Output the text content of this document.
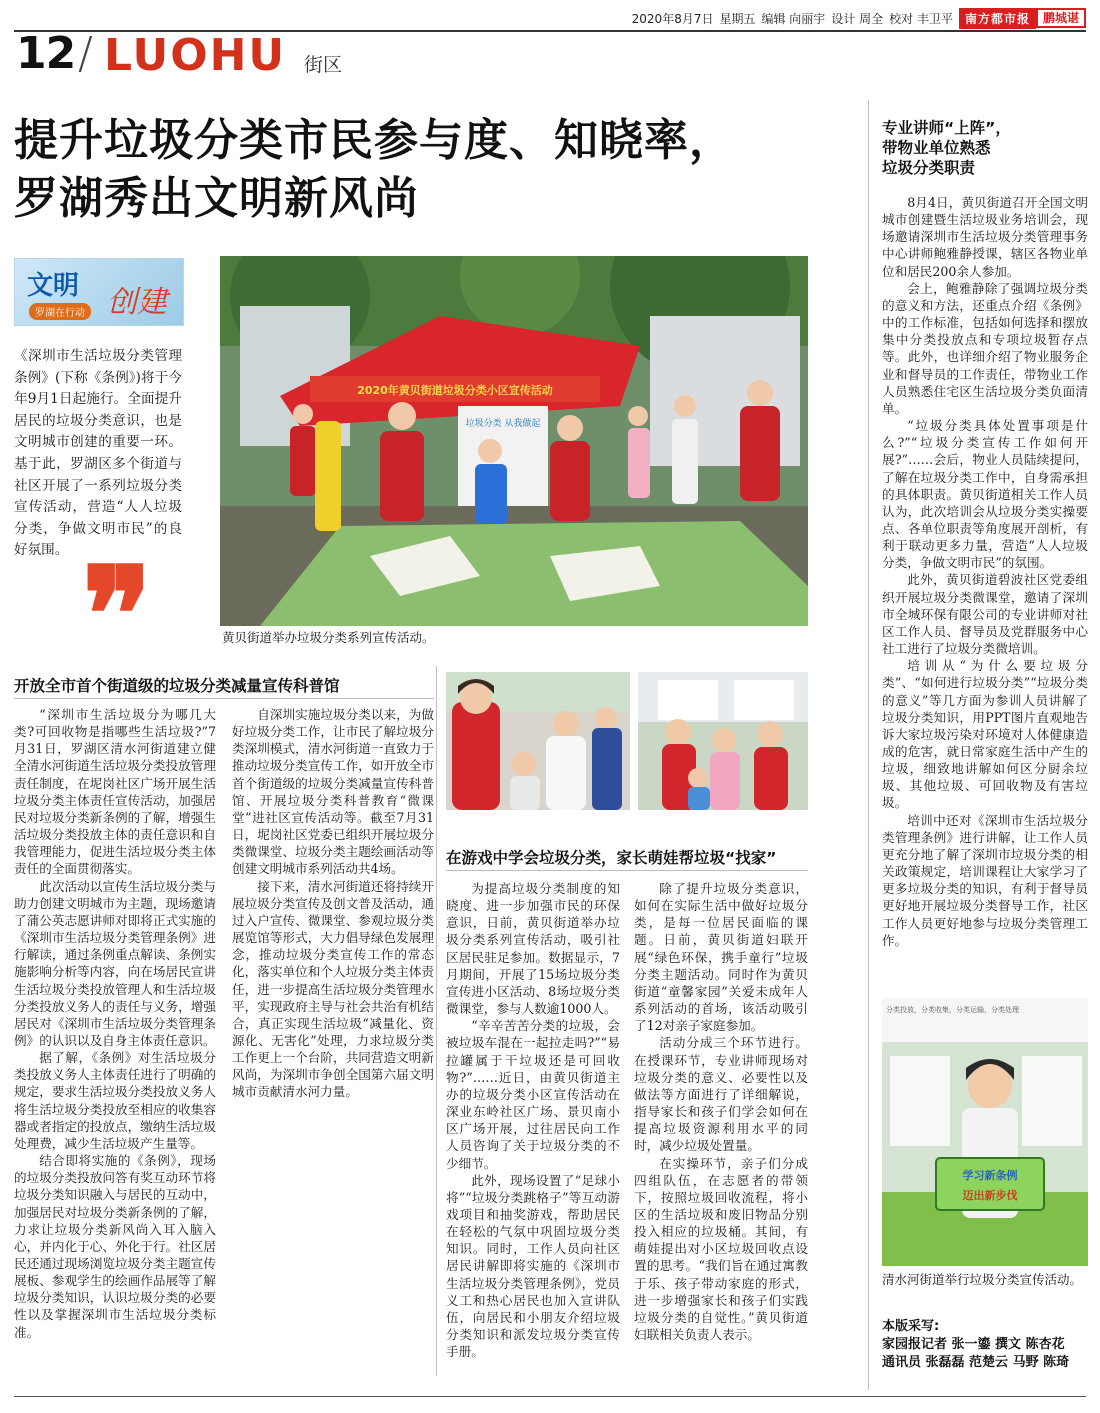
2020年8月7日 星期五 编辑 向丽宇 设计 周全 校对 丰卫平	南方都市报	鹏城谌
12 / LUOHU 街区
提升垃圾分类市民参与度、知晓率，
罗湖秀出文明新风尚
文明 创建
罗湖在行动
《深圳市生活垃圾分类管理条例》(下称《条例》)将于今年9月1日起施行。全面提升居民的垃圾分类意识，也是文明城市创建的重要一环。基于此，罗湖区多个街道与社区开展了一系列垃圾分类宣传活动，营造“人人垃圾分类，争做文明市民”的良好氛围。 ❞
2020年黄贝街道垃圾分类小区宣传活动
垃圾分类 从我做起
黄贝街道举办垃圾分类系列宣传活动。
专业讲师“上阵”，
带物业单位熟悉
垃圾分类职责

8月4日，黄贝街道召开全国文明城市创建暨生活垃圾业务培训会，现场邀请深圳市生活垃圾分类管理事务中心讲师鲍雅静授课，辖区各物业单位和居民200余人参加。

会上，鲍雅静除了强调垃圾分类的意义和方法，还重点介绍《条例》中的工作标准，包括如何选择和摆放集中分类投放点和专项垃圾暂存点等。此外，也详细介绍了物业服务企业和督导员的工作责任，带物业工作人员熟悉住宅区生活垃圾分类负面清单。

“垃圾分类具体处置事项是什么?”“垃圾分类宣传工作如何开展?”……会后，物业人员陆续提问，了解在垃圾分类工作中，自身需承担的具体职责。黄贝街道相关工作人员认为，此次培训会从垃圾分类实操要点、各单位职责等角度展开剖析，有利于联动更多力量，营造“人人垃圾分类，争做文明市民”的氛围。

此外，黄贝街道碧波社区党委组织开展垃圾分类微课堂，邀请了深圳市全城环保有限公司的专业讲师对社区工作人员、督导员及党群服务中心社工进行了垃圾分类微培训。

培训从“为什么要垃圾分类”、“如何进行垃圾分类”“垃圾分类的意义”等几方面为参训人员讲解了垃圾分类知识，用PPT图片直观地告诉大家垃圾污染对环境对人体健康造成的危害，就日常家庭生活中产生的垃圾，细致地讲解如何区分厨余垃圾、其他垃圾、可回收物及有害垃圾。

培训中还对《深圳市生活垃圾分类管理条例》进行讲解，让工作人员更充分地了解了深圳市垃圾分类的相关政策规定，培训课程让大家学习了更多垃圾分类的知识，有利于督导员更好地开展垃圾分类督导工作，社区工作人员更好地参与垃圾分类管理工作。

分类投放，分类收集，分类运输，分类处理
学习新条例
迈出新步伐
清水河街道举行垃圾分类宣传活动。
本版采写:
家园报记者 张一鎏 撰文 陈杏花
通讯员 张磊磊 范楚云 马野 陈琦
开放全市首个街道级的垃圾分类减量宣传科普馆

“深圳市生活垃圾分为哪几大类?可回收物是指哪些生活垃圾?”7月31日，罗湖区清水河街道建立健全清水河街道生活垃圾分类投放管理责任制度，在坭岗社区广场开展生活垃圾分类主体责任宣传活动，加强居民对垃圾分类新条例的了解，增强生活垃圾分类投放主体的责任意识和自我管理能力，促进生活垃圾分类主体责任的全面贯彻落实。

此次活动以宣传生活垃圾分类与助力创建文明城市为主题，现场邀请了蒲公英志愿讲师对即将正式实施的《深圳市生活垃圾分类管理条例》进行解读，通过条例重点解读、条例实施影响分析等内容，向在场居民宣讲生活垃圾分类投放管理人和生活垃圾分类投放义务人的责任与义务，增强居民对《深圳市生活垃圾分类管理条例》的认识以及自身主体责任意识。

据了解，《条例》对生活垃圾分类投放义务人主体责任进行了明确的规定，要求生活垃圾分类投放义务人将生活垃圾分类投放至相应的收集容器或者指定的投放点，缴纳生活垃圾处理费，减少生活垃圾产生量等。

结合即将实施的《条例》，现场的垃圾分类投放问答有奖互动环节将垃圾分类知识融入与居民的互动中，加强居民对垃圾分类新条例的了解，力求让垃圾分类新风尚入耳入脑入心，并内化于心、外化于行。社区居民还通过现场浏览垃圾分类主题宣传展板、参观学生的绘画作品展等了解垃圾分类知识，认识垃圾分类的必要性以及掌握深圳市生活垃圾分类标准。

自深圳实施垃圾分类以来，为做好垃圾分类工作，让市民了解垃圾分类深圳模式，清水河街道一直致力于推动垃圾分类宣传工作，如开放全市首个街道级的垃圾分类减量宣传科普馆、开展垃圾分类科普教育“微课堂”进社区宣传活动等。截至7月31日，坭岗社区党委已组织开展垃圾分类微课堂、垃圾分类主题绘画活动等创建文明城市系列活动共4场。

接下来，清水河街道还将持续开展垃圾分类宣传及创文普及活动，通过入户宣传、微课堂、参观垃圾分类展览馆等形式，大力倡导绿色发展理念，推动垃圾分类宣传工作的常态化，落实单位和个人垃圾分类主体责任，进一步提高生活垃圾分类管理水平，实现政府主导与社会共治有机结合，真正实现生活垃圾“减量化、资源化、无害化”处理，力求垃圾分类工作更上一个台阶，共同营造文明新风尚，为深圳市争创全国第六届文明城市贡献清水河力量。

在游戏中学会垃圾分类，家长萌娃帮垃圾“找家”

为提高垃圾分类制度的知晓度、进一步加强市民的环保意识，日前，黄贝街道举办垃圾分类系列宣传活动，吸引社区居民驻足参加。数据显示，7月期间，开展了15场垃圾分类宣传进小区活动、8场垃圾分类微课堂，参与人数逾1000人。

“辛辛苦苦分类的垃圾，会被垃圾车混在一起拉走吗?”“易拉罐属于干垃圾还是可回收物?”……近日，由黄贝街道主办的垃圾分类小区宣传活动在深业东岭社区广场、景贝南小区广场开展，过往居民向工作人员咨询了关于垃圾分类的不少细节。

此外，现场设置了“足球小将”“垃圾分类跳格子”等互动游戏项目和抽奖游戏，帮助居民在轻松的气氛中巩固垃圾分类知识。同时，工作人员向社区居民讲解即将实施的《深圳市生活垃圾分类管理条例》，党员义工和热心居民也加入宣讲队伍，向居民和小朋友介绍垃圾分类知识和派发垃圾分类宣传手册。

除了提升垃圾分类意识，如何在实际生活中做好垃圾分类，是每一位居民面临的课题。日前，黄贝街道妇联开展“绿色环保，携手童行”垃圾分类主题活动。同时作为黄贝街道“童馨家园”关爱未成年人系列活动的首场，该活动吸引了12对亲子家庭参加。

活动分成三个环节进行。在授课环节，专业讲师现场对垃圾分类的意义、必要性以及做法等方面进行了详细解说，指导家长和孩子们学会如何在提高垃圾资源利用水平的同时，减少垃圾处置量。

在实操环节，亲子们分成四组队伍，在志愿者的带领下，按照垃圾回收流程，将小区的生活垃圾和废旧物品分别投入相应的垃圾桶。其间，有萌娃提出对小区垃圾回收点设置的思考。“我们旨在通过寓教于乐、孩子带动家庭的形式，进一步增强家长和孩子们实践垃圾分类的自觉性。”黄贝街道妇联相关负责人表示。
